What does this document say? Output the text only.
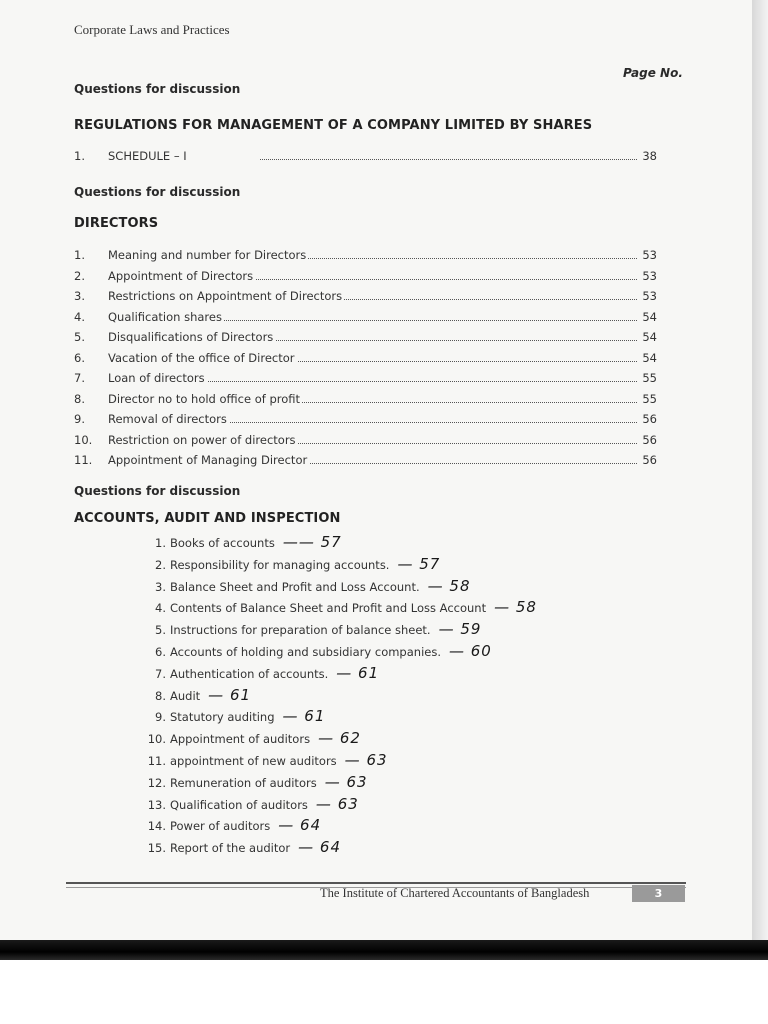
Corporate Laws and Practices
Page No.
Questions for discussion
REGULATIONS FOR MANAGEMENT OF A COMPANY LIMITED BY SHARES
1. SCHEDULE – I	38
Questions for discussion
DIRECTORS
1. Meaning and number for Directors	53
2. Appointment of Directors	53
3. Restrictions on Appointment of Directors	53
4. Qualification shares	54
5. Disqualifications of Directors	54
6. Vacation of the office of Director	54
7. Loan of directors	55
8. Director no to hold office of profit	55
9. Removal of directors	56
10. Restriction on power of directors	56
11. Appointment of Managing Director	56
Questions for discussion
ACCOUNTS, AUDIT AND INSPECTION
1. Books of accounts —— 57
2. Responsibility for managing accounts. — 57
3. Balance Sheet and Profit and Loss Account. — 58
4. Contents of Balance Sheet and Profit and Loss Account — 58
5. Instructions for preparation of balance sheet. — 59
6. Accounts of holding and subsidiary companies. — 60
7. Authentication of accounts. — 61
8. Audit — 61
9. Statutory auditing — 61
10. Appointment of auditors — 62
11. appointment of new auditors — 63
12. Remuneration of auditors — 63
13. Qualification of auditors — 63
14. Power of auditors — 64
15. Report of the auditor — 64
The Institute of Chartered Accountants of Bangladesh	3
